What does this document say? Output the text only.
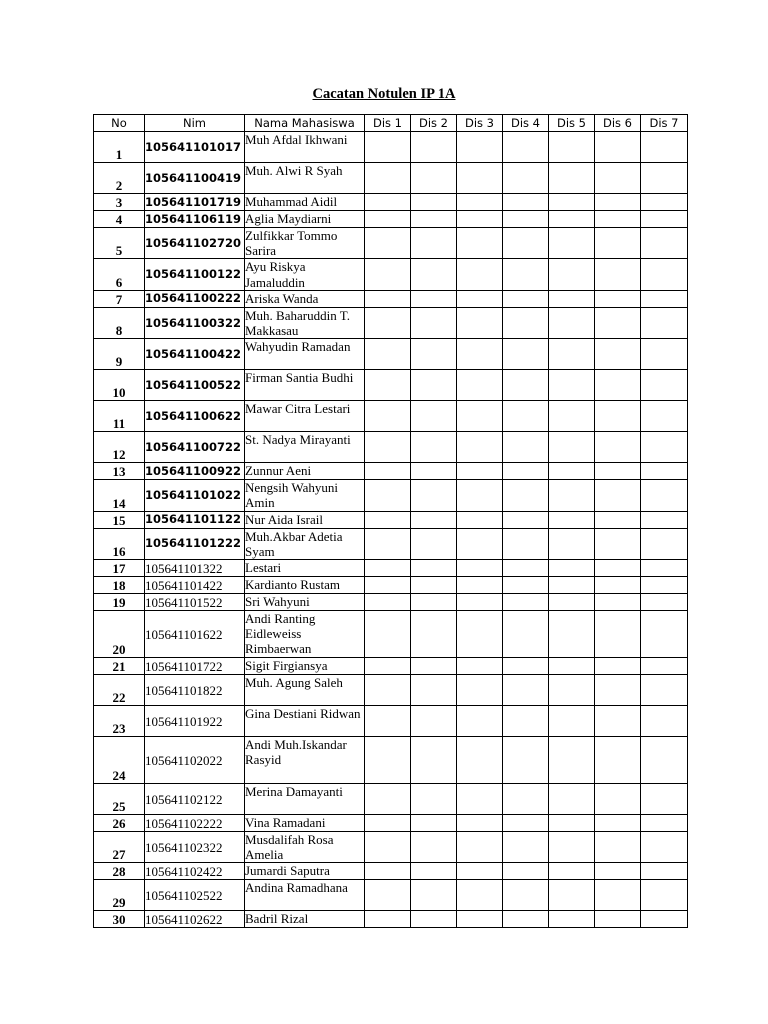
Cacatan Notulen IP 1A
No	Nim	Nama Mahasiswa	Dis 1	Dis 2	Dis 3	Dis 4	Dis 5	Dis 6	Dis 7
1	105641101017	Muh Afdal Ikhwani							
2	105641100419	Muh. Alwi R Syah							
3	105641101719	Muhammad Aidil							
4	105641106119	Aglia Maydiarni							
5	105641102720	Zulfikkar Tommo Sarira							
6	105641100122	Ayu Riskya Jamaluddin							
7	105641100222	Ariska Wanda							
8	105641100322	Muh. Baharuddin T. Makkasau							
9	105641100422	Wahyudin Ramadan							
10	105641100522	Firman Santia Budhi							
11	105641100622	Mawar Citra Lestari							
12	105641100722	St. Nadya Mirayanti							
13	105641100922	Zunnur Aeni							
14	105641101022	Nengsih Wahyuni Amin							
15	105641101122	Nur Aida Israil							
16	105641101222	Muh.Akbar Adetia Syam							
17	105641101322	Lestari							
18	105641101422	Kardianto Rustam							
19	105641101522	Sri Wahyuni							
20	105641101622	Andi Ranting Eidleweiss Rimbaerwan							
21	105641101722	Sigit Firgiansya							
22	105641101822	Muh. Agung Saleh							
23	105641101922	Gina Destiani Ridwan							
24	105641102022	Andi Muh.Iskandar Rasyid							
25	105641102122	Merina Damayanti							
26	105641102222	Vina Ramadani							
27	105641102322	Musdalifah Rosa Amelia							
28	105641102422	Jumardi Saputra							
29	105641102522	Andina Ramadhana							
30	105641102622	Badril Rizal							
